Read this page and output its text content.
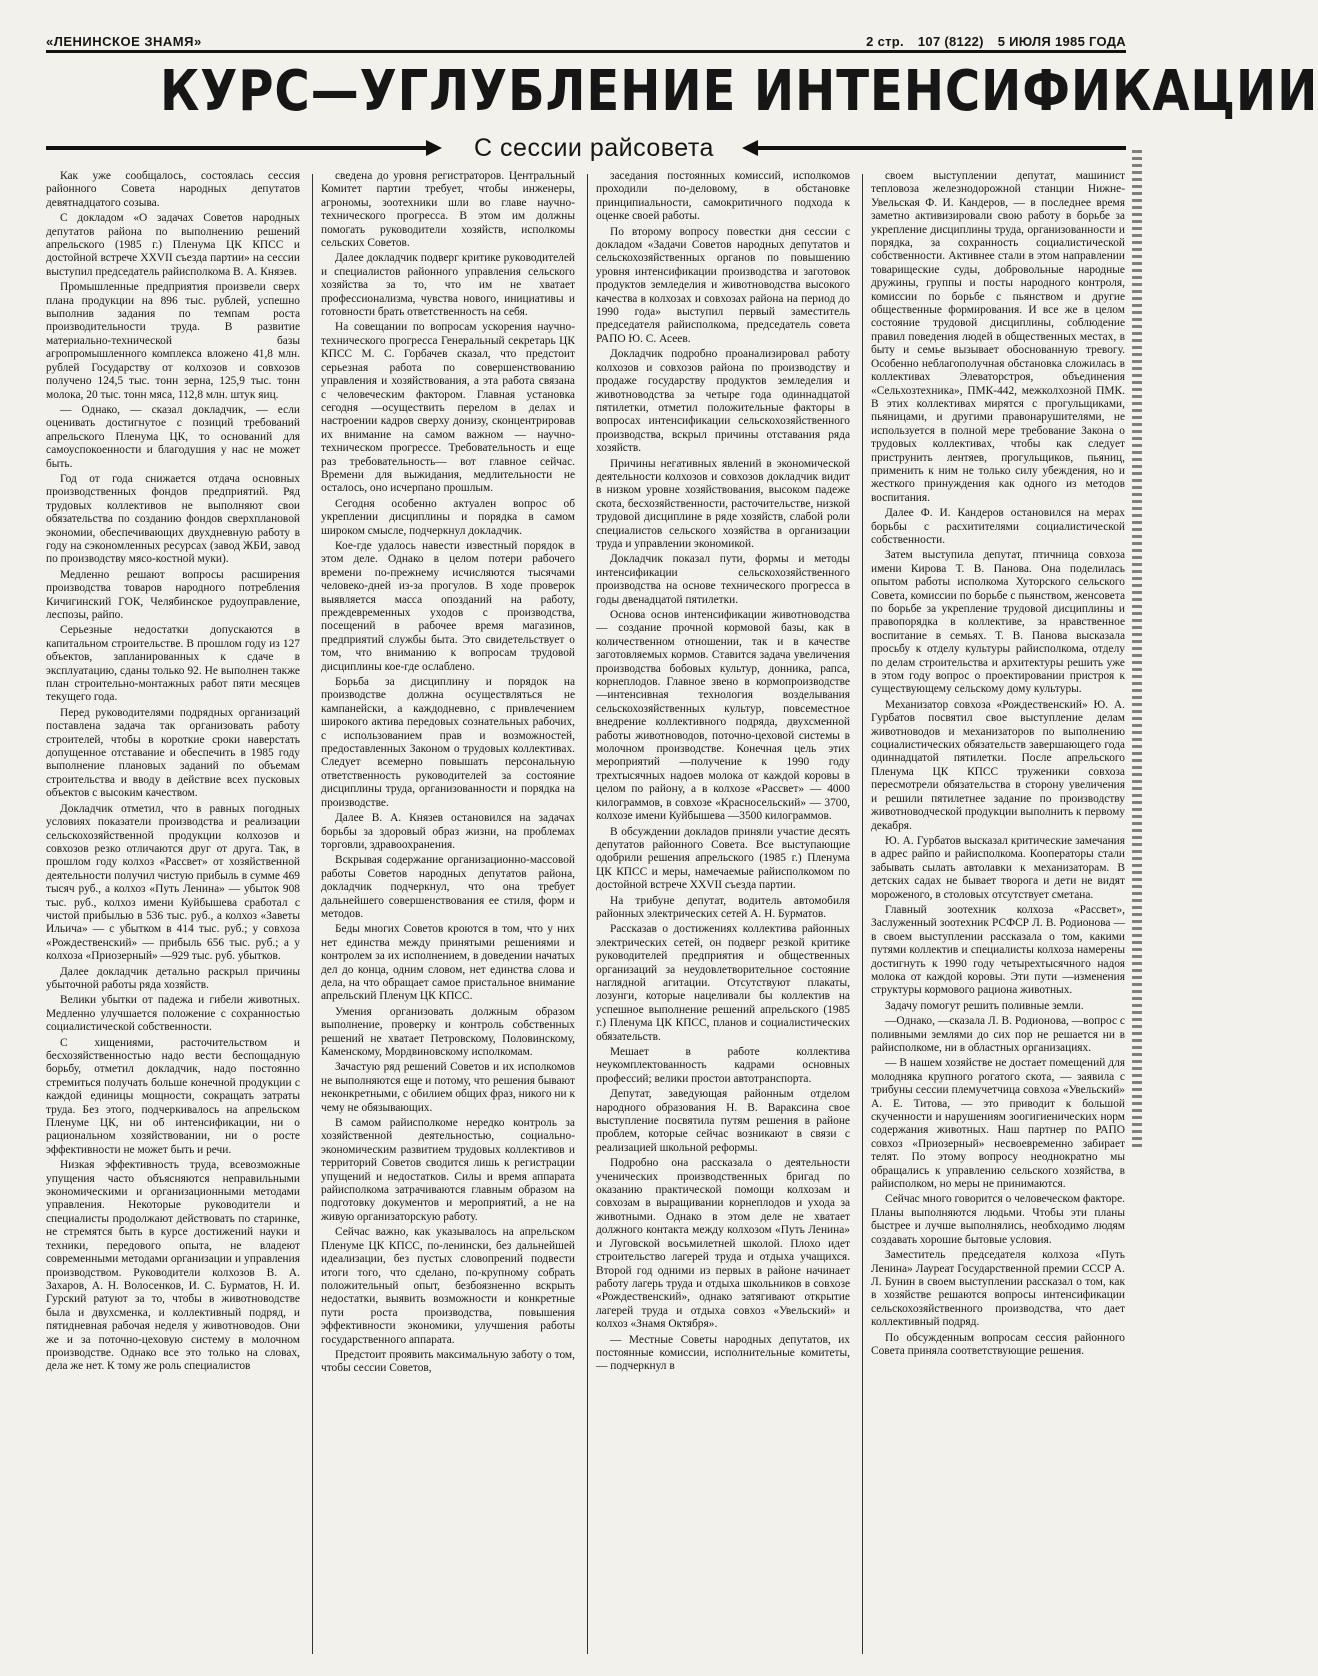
«ЛЕНИНСКОЕ ЗНАМЯ»	2 стр. 107 (8122) 5 ИЮЛЯ 1985 ГОДА
КУРС—УГЛУБЛЕНИЕ ИНТЕНСИФИКАЦИИ
С сессии райсовета

Как уже сообщалось, состоялась сессия районного Совета народных депутатов девятнадцатого созыва.

С докладом «О задачах Советов народных депутатов района по выполнению решений апрельского (1985 г.) Пленума ЦК КПСС и достойной встрече XXVII съезда партии» на сессии выступил председатель райисполкома В. А. Князев.

Промышленные предприятия произвели сверх плана продукции на 896 тыс. рублей, успешно выполнив задания по темпам роста производительности труда. В развитие материально-технической базы агропромышленного комплекса вложено 41,8 млн. рублей Государству от колхозов и совхозов получено 124,5 тыс. тонн зерна, 125,9 тыс. тонн молока, 20 тыс. тонн мяса, 112,8 млн. штук яиц.

— Однако, — сказал докладчик, — если оценивать достигнутое с позиций требований апрельского Пленума ЦК, то оснований для самоуспокоенности и благодушия у нас не может быть.

Год от года снижается отдача основных производственных фондов предприятий. Ряд трудовых коллективов не выполняют свои обязательства по созданию фондов сверхплановой экономии, обеспечивающих двухдневную работу в году на сэкономленных ресурсах (завод ЖБИ, завод по производству мясо-костной муки).

Медленно решают вопросы расширения производства товаров народного потребления Кичигинский ГОК, Челябинское рудоуправление, леспозы, райпо.

Серьезные недостатки допускаются в капитальном строительстве. В прошлом году из 127 объектов, запланированных к сдаче в эксплуатацию, сданы только 92. Не выполнен также план строительно-монтажных работ пяти месяцев текущего года.

Перед руководителями подрядных организаций поставлена задача так организовать работу строителей, чтобы в короткие сроки наверстать допущенное отставание и обеспечить в 1985 году выполнение плановых заданий по объемам строительства и вводу в действие всех пусковых объектов с высоким качеством.

Докладчик отметил, что в равных погодных условиях показатели производства и реализации сельскохозяйственной продукции колхозов и совхозов резко отличаются друг от друга. Так, в прошлом году колхоз «Рассвет» от хозяйственной деятельности получил чистую прибыль в сумме 469 тысяч руб., а колхоз «Путь Ленина» — убыток 908 тыс. руб., колхоз имени Куйбышева сработал с чистой прибылью в 536 тыс. руб., а колхоз «Заветы Ильича» — с убытком в 414 тыс. руб.; у совхоза «Рождественский» — прибыль 656 тыс. руб.; а у колхоза «Приозерный» —929 тыс. руб. убытков.

Далее докладчик детально раскрыл причины убыточной работы ряда хозяйств.

Велики убытки от падежа и гибели животных. Медленно улучшается положение с сохранностью социалистической собственности.

С хищениями, расточительством и бесхозяйственностью надо вести беспощадную борьбу, отметил докладчик, надо постоянно стремиться получать больше конечной продукции с каждой единицы мощности, сокращать затраты труда. Без этого, подчеркивалось на апрельском Пленуме ЦК, ни об интенсификации, ни о рациональном хозяйствовании, ни о росте эффективности не может быть и речи.

Низкая эффективность труда, всевозможные упущения часто объясняются неправильными экономическими и организационными методами управления. Некоторые руководители и специалисты продолжают действовать по старинке, не стремятся быть в курсе достижений науки и техники, передового опыта, не владеют современными методами организации и управления производством. Руководители колхозов В. А. Захаров, А. Н. Волосенков, И. С. Бурматов, Н. И. Гурский ратуют за то, чтобы в животноводстве была и двухсменка, и коллективный подряд, и пятидневная рабочая неделя у животноводов. Они же и за поточно-цеховую систему в молочном производстве. Однако все это только на словах, дела же нет. К тому же роль специалистов

сведена до уровня регистраторов. Центральный Комитет партии требует, чтобы инженеры, агрономы, зоотехники шли во главе научно-технического прогресса. В этом им должны помогать руководители хозяйств, исполкомы сельских Советов.

Далее докладчик подверг критике руководителей и специалистов районного управления сельского хозяйства за то, что им не хватает профессионализма, чувства нового, инициативы и готовности брать ответственность на себя.

На совещании по вопросам ускорения научно-технического прогресса Генеральный секретарь ЦК КПСС М. С. Горбачев сказал, что предстоит серьезная работа по совершенствованию управления и хозяйствования, а эта работа связана с человеческим фактором. Главная установка сегодня —осуществить перелом в делах и настроении кадров сверху донизу, сконцентрировав их внимание на самом важном — научно-техническом прогрессе. Требовательность и еще раз требовательность— вот главное сейчас. Времени для выжидания, медлительности не осталось, оно исчерпано прошлым.

Сегодня особенно актуален вопрос об укреплении дисциплины и порядка в самом широком смысле, подчеркнул докладчик.

Кое-где удалось навести известный порядок в этом деле. Однако в целом потери рабочего времени по-прежнему исчисляются тысячами человеко-дней из-за прогулов. В ходе проверок выявляется масса опозданий на работу, преждевременных уходов с производства, посещений в рабочее время магазинов, предприятий службы быта. Это свидетельствует о том, что вниманию к вопросам трудовой дисциплины кое-где ослаблено.

Борьба за дисциплину и порядок на производстве должна осуществляться не кампанейски, а каждодневно, с привлечением широкого актива передовых сознательных рабочих, с использованием прав и возможностей, предоставленных Законом о трудовых коллективах. Следует всемерно повышать персональную ответственность руководителей за состояние дисциплины труда, организованности и порядка на производстве.

Далее В. А. Князев остановился на задачах борьбы за здоровый образ жизни, на проблемах торговли, здравоохранения.

Вскрывая содержание организационно-массовой работы Советов народных депутатов района, докладчик подчеркнул, что она требует дальнейшего совершенствования ее стиля, форм и методов.

Беды многих Советов кроются в том, что у них нет единства между принятыми решениями и контролем за их исполнением, в доведении начатых дел до конца, одним словом, нет единства слова и дела, на что обращает самое пристальное внимание апрельский Пленум ЦК КПСС.

Умения организовать должным образом выполнение, проверку и контроль собственных решений не хватает Петровскому, Половинскому, Каменскому, Мордвиновскому исполкомам.

Зачастую ряд решений Советов и их исполкомов не выполняются еще и потому, что решения бывают неконкретными, с обилием общих фраз, никого ни к чему не обязывающих.

В самом райисполкоме нередко контроль за хозяйственной деятельностью, социально-экономическим развитием трудовых коллективов и территорий Советов сводится лишь к регистрации упущений и недостатков. Силы и время аппарата райисполкома затрачиваются главным образом на подготовку документов и мероприятий, а не на живую организаторскую работу.

Сейчас важно, как указывалось на апрельском Пленуме ЦК КПСС, по-ленински, без дальнейшей идеализации, без пустых словопрений подвести итоги того, что сделано, по-крупному собрать положительный опыт, безбоязненно вскрыть недостатки, выявить возможности и конкретные пути роста производства, повышения эффективности экономики, улучшения работы государственного аппарата.

Предстоит проявить максимальную заботу о том, чтобы сессии Советов,

заседания постоянных комиссий, исполкомов проходили по-деловому, в обстановке принципиальности, самокритичного подхода к оценке своей работы.

По второму вопросу повестки дня сессии с докладом «Задачи Советов народных депутатов и сельскохозяйственных органов по повышению уровня интенсификации производства и заготовок продуктов земледелия и животноводства высокого качества в колхозах и совхозах района на период до 1990 года» выступил первый заместитель председателя райисполкома, председатель совета РАПО Ю. С. Асеев.

Докладчик подробно проанализировал работу колхозов и совхозов района по производству и продаже государству продуктов земледелия и животноводства за четыре года одиннадцатой пятилетки, отметил положительные факторы в вопросах интенсификации сельскохозяйственного производства, вскрыл причины отставания ряда хозяйств.

Причины негативных явлений в экономической деятельности колхозов и совхозов докладчик видит в низком уровне хозяйствования, высоком падеже скота, бесхозяйственности, расточительстве, низкой трудовой дисциплине в ряде хозяйств, слабой роли специалистов сельского хозяйства в организации труда и управлении экономикой.

Докладчик показал пути, формы и методы интенсификации сельскохозяйственного производства на основе технического прогресса в годы двенадцатой пятилетки.

Основа основ интенсификации животноводства — создание прочной кормовой базы, как в количественном отношении, так и в качестве заготовляемых кормов. Ставится задача увеличения производства бобовых культур, донника, рапса, корнеплодов. Главное звено в кормопроизводстве —интенсивная технология возделывания сельскохозяйственных культур, повсеместное внедрение коллективного подряда, двухсменной работы животноводов, поточно-цеховой системы в молочном производстве. Конечная цель этих мероприятий —получение к 1990 году трехтысячных надоев молока от каждой коровы в целом по району, а в колхозе «Рассвет» — 4000 килограммов, в совхозе «Красносельский» — 3700, колхозе имени Куйбышева —3500 килограммов.

В обсуждении докладов приняли участие десять депутатов районного Совета. Все выступающие одобрили решения апрельского (1985 г.) Пленума ЦК КПСС и меры, намечаемые райисполкомом по достойной встрече XXVII съезда партии.

На трибуне депутат, водитель автомобиля районных электрических сетей А. Н. Бурматов.

Рассказав о достижениях коллектива районных электрических сетей, он подверг резкой критике руководителей предприятия и общественных организаций за неудовлетворительное состояние наглядной агитации. Отсутствуют плакаты, лозунги, которые нацеливали бы коллектив на успешное выполнение решений апрельского (1985 г.) Пленума ЦК КПСС, планов и социалистических обязательств.

Мешает в работе коллектива неукомплектованность кадрами основных профессий; велики простои автотранспорта.

Депутат, заведующая районным отделом народного образования Н. В. Вараксина свое выступление посвятила путям решения в районе проблем, которые сейчас возникают в связи с реализацией школьной реформы.

Подробно она рассказала о деятельности ученических производственных бригад по оказанию практической помощи колхозам и совхозам в выращивании корнеплодов и ухода за животными. Однако в этом деле не хватает должного контакта между колхозом «Путь Ленина» и Луговской восьмилетней школой. Плохо идет строительство лагерей труда и отдыха учащихся. Второй год одними из первых в районе начинает работу лагерь труда и отдыха школьников в совхозе «Рождественский», однако затягивают открытие лагерей труда и отдыха совхоз «Увельский» и колхоз «Знамя Октября».

— Местные Советы народных депутатов, их постоянные комиссии, исполнительные комитеты, — подчеркнул в

своем выступлении депутат, машинист тепловоза железнодорожной станции Нижне-Увельская Ф. И. Кандеров, — в последнее время заметно активизировали свою работу в борьбе за укрепление дисциплины труда, организованности и порядка, за сохранность социалистической собственности. Активнее стали в этом направлении товарищеские суды, добровольные народные дружины, группы и посты народного контроля, комиссии по борьбе с пьянством и другие общественные формирования. И все же в целом состояние трудовой дисциплины, соблюдение правил поведения людей в общественных местах, в быту и семье вызывает обоснованную тревогу. Особенно неблагополучная обстановка сложилась в коллективах Элеваторстроя, объединения «Сельхозтехника», ПМК-442, межколхозной ПМК. В этих коллективах мирятся с прогульщиками, пьяницами, и другими правонарушителями, не используется в полной мере требование Закона о трудовых коллективах, чтобы как следует приструнить лентяев, прогульщиков, пьяниц, применить к ним не только силу убеждения, но и жесткого принуждения как одного из методов воспитания.

Далее Ф. И. Кандеров остановился на мерах борьбы с расхитителями социалистической собственности.

Затем выступила депутат, птичница совхоза имени Кирова Т. В. Панова. Она поделилась опытом работы исполкома Хуторского сельского Совета, комиссии по борьбе с пьянством, женсовета по борьбе за укрепление трудовой дисциплины и правопорядка в коллективе, за нравственное воспитание в семьях. Т. В. Панова высказала просьбу к отделу культуры райисполкома, отделу по делам строительства и архитектуры решить уже в этом году вопрос о проектировании пристроя к существующему сельскому дому культуры.

Механизатор совхоза «Рождественский» Ю. А. Гурбатов посвятил свое выступление делам животноводов и механизаторов по выполнению социалистических обязательств завершающего года одиннадцатой пятилетки. После апрельского Пленума ЦК КПСС труженики совхоза пересмотрели обязательства в сторону увеличения и решили пятилетнее задание по производству животноводческой продукции выполнить к первому декабря.

Ю. А. Гурбатов высказал критические замечания в адрес райпо и райисполкома. Кооператоры стали забывать сылать автолавки к механизаторам. В детских садах не бывает творога и дети не видят мороженого, в столовых отсутствует сметана.

Главный зоотехник колхоза «Рассвет», Заслуженный зоотехник РСФСР Л. В. Родионова — в своем выступлении рассказала о том, какими путями коллектив и специалисты колхоза намерены достигнуть к 1990 году четырехтысячного надоя молока от каждой коровы. Эти пути —изменения структуры кормового рациона животных.

Задачу помогут решить поливные земли.

—Однако, —сказала Л. В. Родионова, —вопрос с поливными землями до сих пор не решается ни в райисполкоме, ни в областных организациях.

— В нашем хозяйстве не достает помещений для молодняка крупного рогатого скота, — заявила с трибуны сессии племучетчица совхоза «Увельский» А. Е. Титова, — это приводит к большой скученности и нарушениям зоогигиенических норм содержания животных. Наш партнер по РАПО совхоз «Приозерный» несвоевременно забирает телят. По этому вопросу неоднократно мы обращались к управлению сельского хозяйства, в райисполком, но меры не принимаются.

Сейчас много говорится о человеческом факторе. Планы выполняются людьми. Чтобы эти планы быстрее и лучше выполнялись, необходимо людям создавать хорошие бытовые условия.

Заместитель председателя колхоза «Путь Ленина» Лауреат Государственной премии СССР А. Л. Бунин в своем выступлении рассказал о том, как в хозяйстве решаются вопросы интенсификации сельскохозяйственного производства, что дает коллективный подряд.

По обсужденным вопросам сессия районного Совета приняла соответствующие решения.
